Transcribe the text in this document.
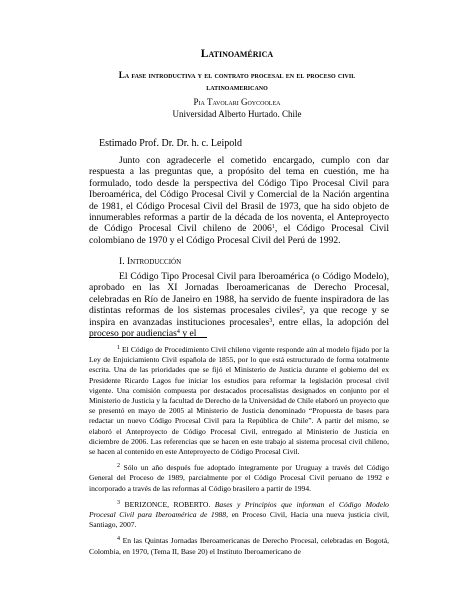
Latinoamérica
La fase introductiva y el contrato procesal en el proceso civil
latinoamericano
Pia Tavolari Goycoolea
Universidad Alberto Hurtado. Chile
Estimado Prof. Dr. Dr. h. c. Leipold
Junto con agradecerle el cometido encargado, cumplo con dar respuesta a las preguntas que, a propósito del tema en cuestión, me ha formulado, todo desde la perspectiva del Código Tipo Procesal Civil para Iberoamérica, del Código Procesal Civil y Comercial de la Nación argentina de 1981, el Código Procesal Civil del Brasil de 1973, que ha sido objeto de innumerables reformas a partir de la década de los noventa, el Anteproyecto de Código Procesal Civil chileno de 2006$^1$, el Código Procesal Civil colombiano de 1970 y el Código Procesal Civil del Perú de 1992.
I. Introducción
El Código Tipo Procesal Civil para Iberoamérica (o Código Modelo), aprobado en las XI Jornadas Iberoamericanas de Derecho Procesal, celebradas en Río de Janeiro en 1988, ha servido de fuente inspiradora de las distintas reformas de los sistemas procesales civiles$^2$, ya que recoge y se inspira en avanzadas instituciones procesales$^3$, entre ellas, la adopción del proceso por audiencias$^4$ y el

$^1$ El Código de Procedimiento Civil chileno vigente responde aún al modelo fijado por la Ley de Enjuiciamiento Civil española de 1855, por lo que está estructurado de forma totalmente escrita. Una de las prioridades que se fijó el Ministerio de Justicia durante el gobierno del ex Presidente Ricardo Lagos fue iniciar los estudios para reformar la legislación procesal civil vigente. Una comisión compuesta por destacados procesalistas designados en conjunto por el Ministerio de Justicia y la facultad de Derecho de la Universidad de Chile elaboró un proyecto que se presentó en mayo de 2005 al Ministerio de Justicia denominado “Propuesta de bases para redactar un nuevo Código Procesal Civil para la República de Chile”. A partir del mismo, se elaboró el Anteproyecto de Código Procesal Civil, entregado al Ministerio de Justicia en diciembre de 2006. Las referencias que se hacen en este trabajo al sistema procesal civil chileno, se hacen al contenido en este Anteproyecto de Código Procesal Civil.

$^2$ Sólo un año después fue adoptado íntegramente por Uruguay a través del Código General del Proceso de 1989, parcialmente por el Código Procesal Civil peruano de 1992 e incorporado a través de las reformas al Código brasilero a partir de 1994.

$^3$ BERIZONCE, ROBERTO. Bases y Principios que informan el Código Modelo Procesal Civil para Iberoamérica de 1988, en Proceso Civil, Hacia una nueva justicia civil, Santiago, 2007.

$^4$ En las Quintas Jornadas Iberoamericanas de Derecho Procesal, celebradas en Bogotá, Colombia, en 1970, (Tema II, Base 20) el Instituto Iberoamericano de
